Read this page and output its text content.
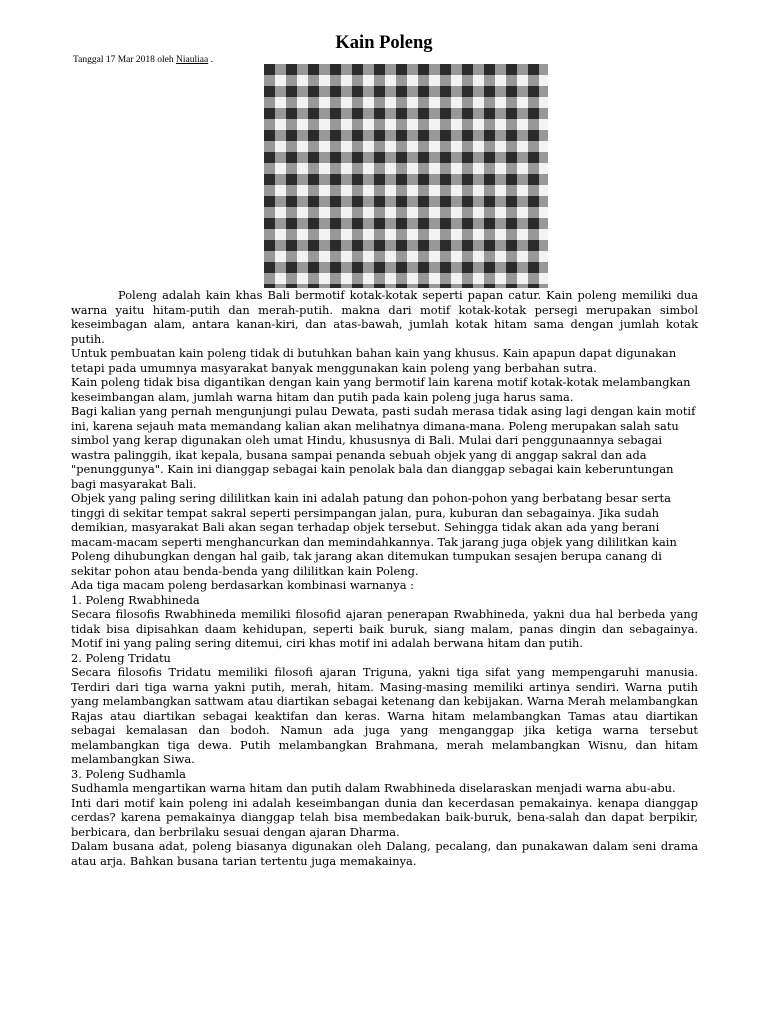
Kain Poleng

Tanggal 17 Mar 2018 oleh Niauliaa .

Poleng adalah kain khas Bali bermotif kotak-kotak seperti papan catur. Kain poleng memiliki dua warna yaitu hitam-putih dan merah-putih. makna dari motif kotak-kotak persegi merupakan simbol keseimbagan alam, antara kanan-kiri, dan atas-bawah, jumlah kotak hitam sama dengan jumlah kotak putih.

Untuk pembuatan kain poleng tidak di butuhkan bahan kain yang khusus. Kain apapun dapat digunakan tetapi pada umumnya masyarakat banyak menggunakan kain poleng yang berbahan sutra.

Kain poleng tidak bisa digantikan dengan kain yang bermotif lain karena motif kotak-kotak melambangkan keseimbangan alam, jumlah warna hitam dan putih pada kain poleng juga harus sama.

Bagi kalian yang pernah mengunjungi pulau Dewata, pasti sudah merasa tidak asing lagi dengan kain motif ini, karena sejauh mata memandang kalian akan melihatnya dimana-mana. Poleng merupakan salah satu simbol yang kerap digunakan oleh umat Hindu, khususnya di Bali. Mulai dari penggunaannya sebagai wastra palinggih, ikat kepala, busana sampai penanda sebuah objek yang di anggap sakral dan ada "penunggunya". Kain ini dianggap sebagai kain penolak bala dan dianggap sebagai kain keberuntungan bagi masyarakat Bali.

Objek yang paling sering dililitkan kain ini adalah patung dan pohon-pohon yang berbatang besar serta tinggi di sekitar tempat sakral seperti persimpangan jalan, pura, kuburan dan sebagainya. Jika sudah demikian, masyarakat Bali akan segan terhadap objek tersebut. Sehingga tidak akan ada yang berani macam-macam seperti menghancurkan dan memindahkannya. Tak jarang juga objek yang dililitkan kain Poleng dihubungkan dengan hal gaib, tak jarang akan ditemukan tumpukan sesajen berupa canang di sekitar pohon atau benda-benda yang dililitkan kain Poleng.

Ada tiga macam poleng berdasarkan kombinasi warnanya :

1. Poleng Rwabhineda

Secara filosofis Rwabhineda memiliki filosofid ajaran penerapan Rwabhineda, yakni dua hal berbeda yang tidak bisa dipisahkan daam kehidupan, seperti baik buruk, siang malam, panas dingin dan sebagainya. Motif ini yang paling sering ditemui, ciri khas motif ini adalah berwana hitam dan putih.

2. Poleng Tridatu

Secara filosofis Tridatu memiliki filosofi ajaran Triguna, yakni tiga sifat yang mempengaruhi manusia. Terdiri dari tiga warna yakni putih, merah, hitam. Masing-masing memiliki artinya sendiri. Warna putih yang melambangkan sattwam atau diartikan sebagai ketenang dan kebijakan. Warna Merah melambangkan Rajas atau diartikan sebagai keaktifan dan keras. Warna hitam melambangkan Tamas atau diartikan sebagai kemalasan dan bodoh. Namun ada juga yang menganggap jika ketiga warna tersebut melambangkan tiga dewa. Putih melambangkan Brahmana, merah melambangkan Wisnu, dan hitam melambangkan Siwa.

3. Poleng Sudhamla

Sudhamla mengartikan warna hitam dan putih dalam Rwabhineda diselaraskan menjadi warna abu-abu.

Inti dari motif kain poleng ini adalah keseimbangan dunia dan kecerdasan pemakainya. kenapa dianggap cerdas? karena pemakainya dianggap telah bisa membedakan baik-buruk, bena-salah dan dapat berpikir, berbicara, dan berbrilaku sesuai dengan ajaran Dharma.

Dalam busana adat, poleng biasanya digunakan oleh Dalang, pecalang, dan punakawan dalam seni drama atau arja. Bahkan busana tarian tertentu juga memakainya.
